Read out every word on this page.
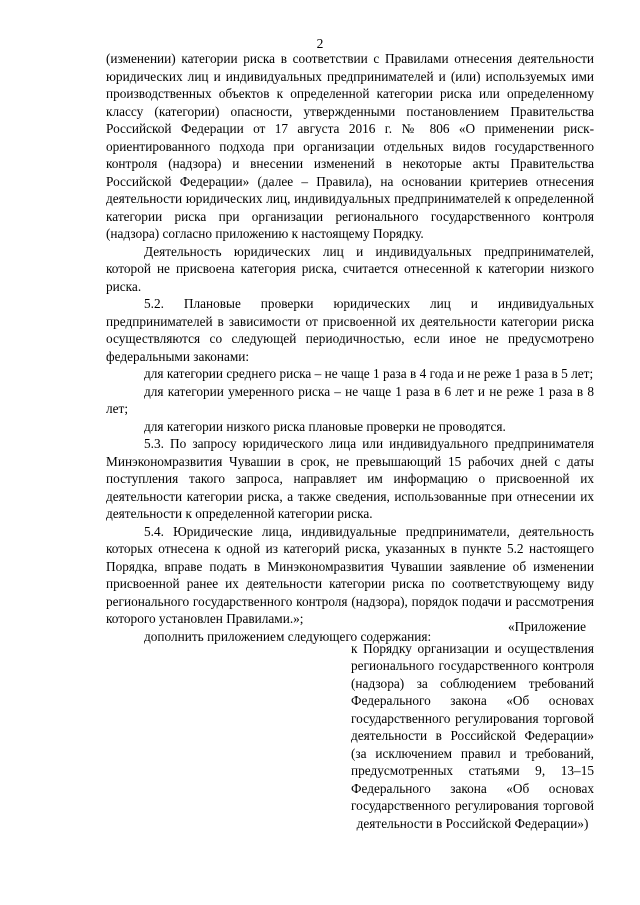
2

(изменении) категории риска в соответствии с Правилами отнесения деятельности юридических лиц и индивидуальных предпринимателей и (или) используемых ими производственных объектов к определенной категории риска или определенному классу (категории) опасности, утвержденными постановлением Правительства Российской Федерации от 17 августа 2016 г. № 806 «О применении риск-ориентированного подхода при организации отдельных видов государственного контроля (надзора) и внесении изменений в некоторые акты Правительства Российской Федерации» (далее – Правила), на основании критериев отнесения деятельности юридических лиц, индивидуальных предпринимателей к определенной категории риска при организации регионального государственного контроля (надзора) согласно приложению к настоящему Порядку.

Деятельность юридических лиц и индивидуальных предпринимателей, которой не присвоена категория риска, считается отнесенной к категории низкого риска.

5.2. Плановые проверки юридических лиц и индивидуальных предпринимателей в зависимости от присвоенной их деятельности категории риска осуществляются со следующей периодичностью, если иное не предусмотрено федеральными законами:

для категории среднего риска – не чаще 1 раза в 4 года и не реже 1 раза в 5 лет;

для категории умеренного риска – не чаще 1 раза в 6 лет и не реже 1 раза в 8 лет;

для категории низкого риска плановые проверки не проводятся.

5.3. По запросу юридического лица или индивидуального предпринимателя Минэкономразвития Чувашии в срок, не превышающий 15 рабочих дней с даты поступления такого запроса, направляет им информацию о присвоенной их деятельности категории риска, а также сведения, использованные при отнесении их деятельности к определенной категории риска.

5.4. Юридические лица, индивидуальные предприниматели, деятельность которых отнесена к одной из категорий риска, указанных в пункте 5.2 настоящего Порядка, вправе подать в Минэкономразвития Чувашии заявление об изменении присвоенной ранее их деятельности категории риска по соответствующему виду регионального государственного контроля (надзора), порядок подачи и рассмотрения которого установлен Правилами.»;

дополнить приложением следующего содержания:

«Приложение

к Порядку организации и осуществления регионального государственного контроля (надзора) за соблюдением требований Федерального закона «Об основах государственного регулирования торговой деятельности в Российской Федерации» (за исключением правил и требований, предусмотренных статьями 9, 13–15 Федерального закона «Об основах государственного регулирования торговой деятельности в Российской Федерации»)
